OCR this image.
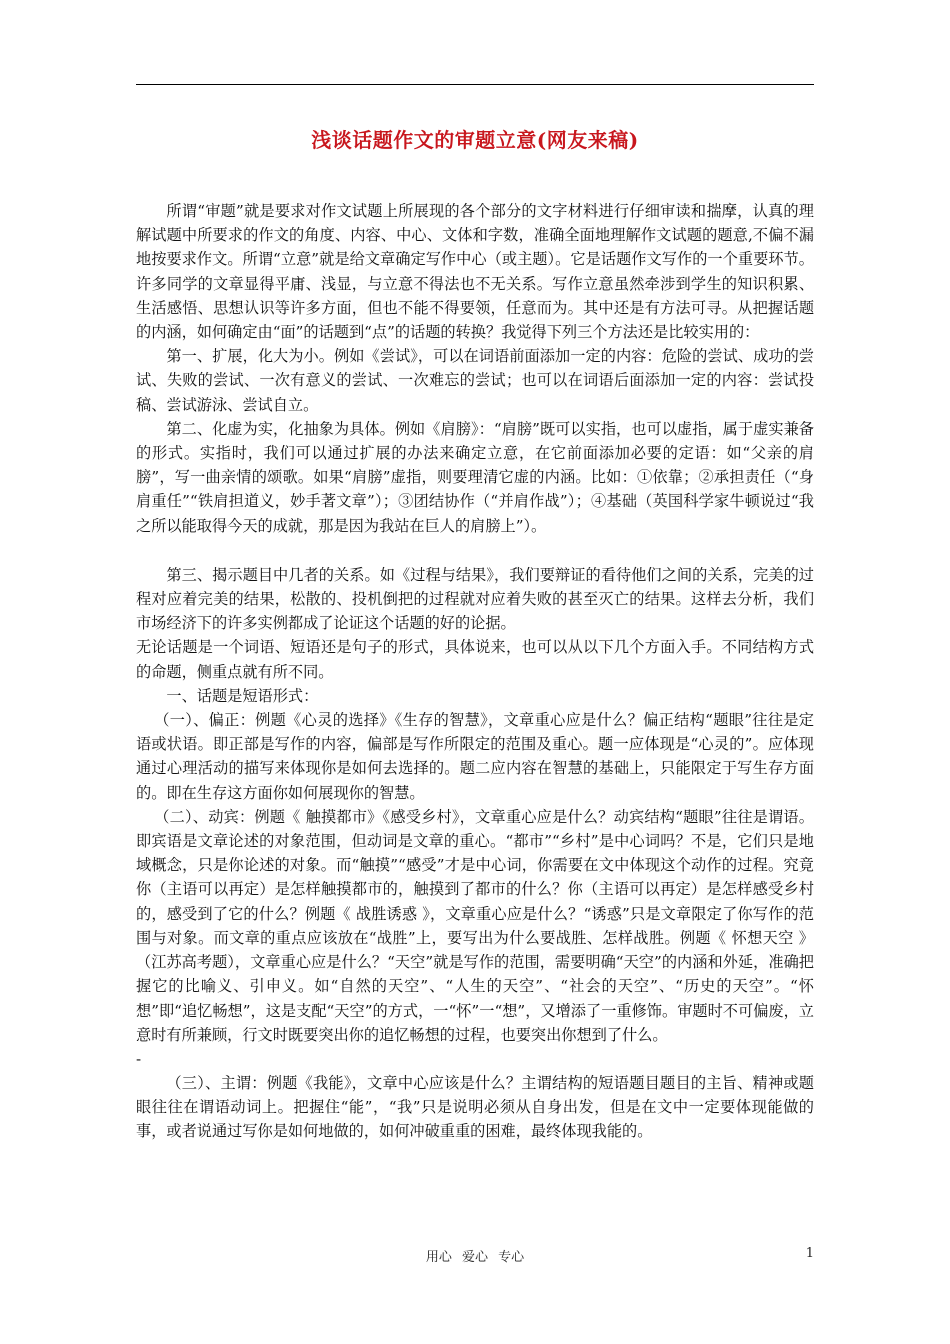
浅谈话题作文的审题立意(网友来稿)

所谓“审题”就是要求对作文试题上所展现的各个部分的文字材料进行仔细审读和揣摩，认真的理解试题中所要求的作文的角度、内容、中心、文体和字数，准确全面地理解作文试题的题意,不偏不漏地按要求作文。所谓“立意”就是给文章确定写作中心（或主题）。它是话题作文写作的一个重要环节。许多同学的文章显得平庸、浅显，与立意不得法也不无关系。写作立意虽然牵涉到学生的知识积累、生活感悟、思想认识等许多方面，但也不能不得要领，任意而为。其中还是有方法可寻。从把握话题的内涵，如何确定由“面”的话题到“点”的话题的转换？我觉得下列三个方法还是比较实用的：

第一、扩展，化大为小。例如《尝试》，可以在词语前面添加一定的内容：危险的尝试、成功的尝试、失败的尝试、一次有意义的尝试、一次难忘的尝试；也可以在词语后面添加一定的内容：尝试投稿、尝试游泳、尝试自立。

第二、化虚为实，化抽象为具体。例如《肩膀》：“肩膀”既可以实指，也可以虚指，属于虚实兼备的形式。实指时，我们可以通过扩展的办法来确定立意，在它前面添加必要的定语：如“父亲的肩膀”，写一曲亲情的颂歌。如果“肩膀”虚指，则要理清它虚的内涵。比如：①依靠；②承担责任（“身肩重任”“铁肩担道义，妙手著文章”）；③团结协作（“并肩作战”）；④基础（英国科学家牛顿说过“我之所以能取得今天的成就，那是因为我站在巨人的肩膀上”）。

第三、揭示题目中几者的关系。如《过程与结果》，我们要辩证的看待他们之间的关系，完美的过程对应着完美的结果，松散的、投机倒把的过程就对应着失败的甚至灭亡的结果。这样去分析，我们市场经济下的许多实例都成了论证这个话题的好的论据。

无论话题是一个词语、短语还是句子的形式，具体说来，也可以从以下几个方面入手。不同结构方式的命题，侧重点就有所不同。

一、话题是短语形式：

（一）、偏正：例题《心灵的选择》《生存的智慧》，文章重心应是什么？偏正结构“题眼”往往是定语或状语。即正部是写作的内容，偏部是写作所限定的范围及重心。题一应体现是“心灵的”。应体现通过心理活动的描写来体现你是如何去选择的。题二应内容在智慧的基础上，只能限定于写生存方面的。即在生存这方面你如何展现你的智慧。

（二）、动宾：例题《 触摸都市》《感受乡村》，文章重心应是什么？动宾结构“题眼”往往是谓语。即宾语是文章论述的对象范围，但动词是文章的重心。“都市”“乡村”是中心词吗？不是，它们只是地域概念，只是你论述的对象。而“触摸”“感受”才是中心词，你需要在文中体现这个动作的过程。究竟你（主语可以再定）是怎样触摸都市的，触摸到了都市的什么？你（主语可以再定）是怎样感受乡村的，感受到了它的什么？例题《 战胜诱惑 》，文章重心应是什么？“诱惑”只是文章限定了你写作的范围与对象。而文章的重点应该放在“战胜”上，要写出为什么要战胜、怎样战胜。例题《 怀想天空 》（江苏高考题），文章重心应是什么？“天空”就是写作的范围，需要明确“天空”的内涵和外延，准确把握它的比喻义、引申义。如“自然的天空”、“人生的天空”、“社会的天空”、“历史的天空”。“怀想”即“追忆畅想”，这是支配“天空”的方式，一“怀”一“想”，又增添了一重修饰。审题时不可偏废，立意时有所兼顾，行文时既要突出你的追忆畅想的过程，也要突出你想到了什么。

-

（三）、主谓：例题《我能》，文章中心应该是什么？主谓结构的短语题目题目的主旨、精神或题眼往往在谓语动词上。把握住“能”，“我”只是说明必须从自身出发，但是在文中一定要体现能做的事，或者说通过写你是如何地做的，如何冲破重重的困难，最终体现我能的。

用心 爱心 专心	1
